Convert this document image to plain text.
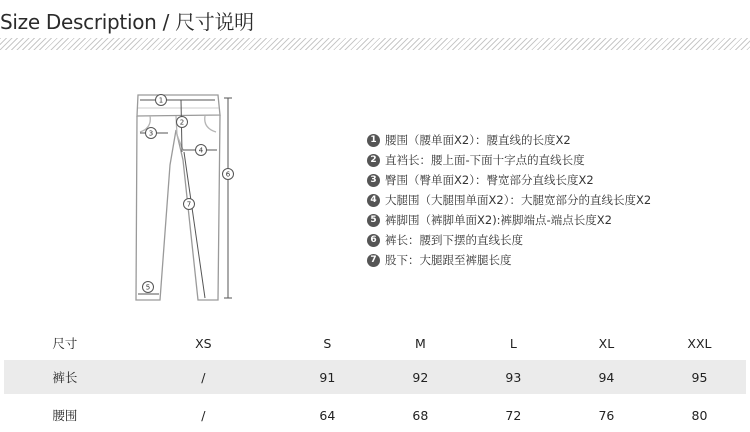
Size Description / 尺寸说明
1
2
3
4
5
6
7
1 腰围（腰单面X2）：腰直线的长度X2
2 直裆长：腰上面-下面十字点的直线长度
3 臀围（臀单面X2）：臀宽部分直线长度X2
4 大腿围（大腿围单面X2）：大腿宽部分的直线长度X2
5 裤脚围（裤脚单面X2):裤脚端点-端点长度X2
6 裤长：腰到下摆的直线长度
7 股下：大腿跟至裤腿长度
尺寸	XS	S	M	L	XL	XXL
裤长	/	91	92	93	94	95

腰围	/	64	68	72	76	80
